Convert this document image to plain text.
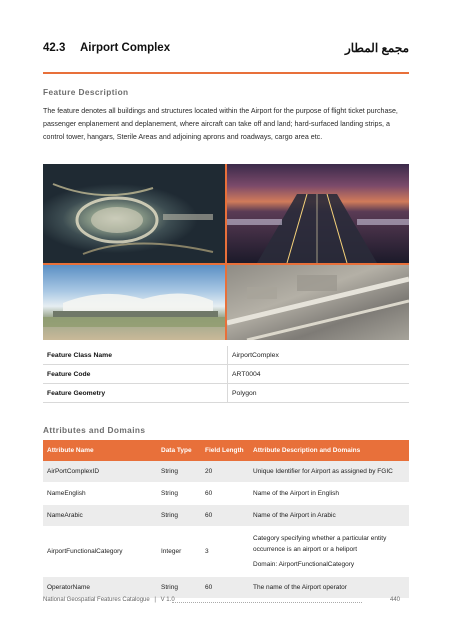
42.3 Airport Complex	مجمع المطار
Feature Description
The feature denotes all buildings and structures located within the Airport for the purpose of flight ticket purchase, passenger enplanement and deplanement, where aircraft can take off and land; hard-surfaced landing strips, a control tower, hangars, Sterile Areas and adjoining aprons and roadways, cargo area etc.
Feature Class Name	AirportComplex
Feature Code	ART0004
Feature Geometry	Polygon
Attributes and Domains
Attribute Name	Data Type	Field Length	Attribute Description and Domains
AirPortComplexID	String	20	Unique Identifier for Airport as assigned by FGIC
NameEnglish	String	60	Name of the Airport in English
NameArabic	String	60	Name of the Airport in Arabic
AirportFunctionalCategory	Integer	3	Category specifying whether a particular entity occurrence is an airport or a heliport
Domain: AirportFunctionalCategory

OperatorName	String	60	The name of the Airport operator
National Geospatial Features Catalogue | V 1.0	440
